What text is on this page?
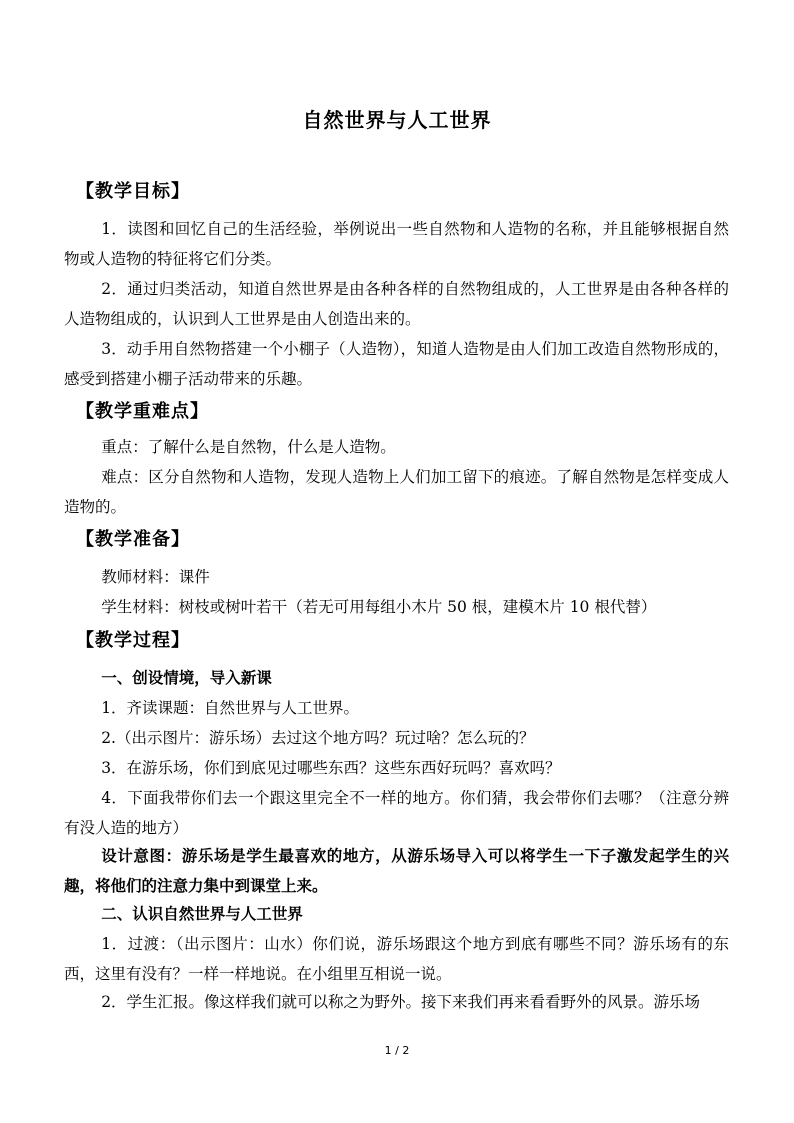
自然世界与人工世界
【教学目标】
1．读图和回忆自己的生活经验，举例说出一些自然物和人造物的名称，并且能够根据自然物或人造物的特征将它们分类。
2．通过归类活动，知道自然世界是由各种各样的自然物组成的，人工世界是由各种各样的人造物组成的，认识到人工世界是由人创造出来的。
3．动手用自然物搭建一个小棚子（人造物），知道人造物是由人们加工改造自然物形成的，感受到搭建小棚子活动带来的乐趣。
【教学重难点】
重点：了解什么是自然物，什么是人造物。
难点：区分自然物和人造物，发现人造物上人们加工留下的痕迹。了解自然物是怎样变成人造物的。
【教学准备】
教师材料：课件
学生材料：树枝或树叶若干（若无可用每组小木片 50 根，建模木片 10 根代替）
【教学过程】
一、创设情境，导入新课
1．齐读课题：自然世界与人工世界。
2.（出示图片：游乐场）去过这个地方吗？玩过啥？怎么玩的？
3．在游乐场，你们到底见过哪些东西？这些东西好玩吗？喜欢吗？
4．下面我带你们去一个跟这里完全不一样的地方。你们猜，我会带你们去哪？（注意分辨有没人造的地方）
设计意图：游乐场是学生最喜欢的地方，从游乐场导入可以将学生一下子激发起学生的兴趣，将他们的注意力集中到课堂上来。
二、认识自然世界与人工世界
1．过渡：（出示图片：山水）你们说，游乐场跟这个地方到底有哪些不同？游乐场有的东西，这里有没有？一样一样地说。在小组里互相说一说。
2．学生汇报。像这样我们就可以称之为野外。接下来我们再来看看野外的风景。游乐场
1 / 2
